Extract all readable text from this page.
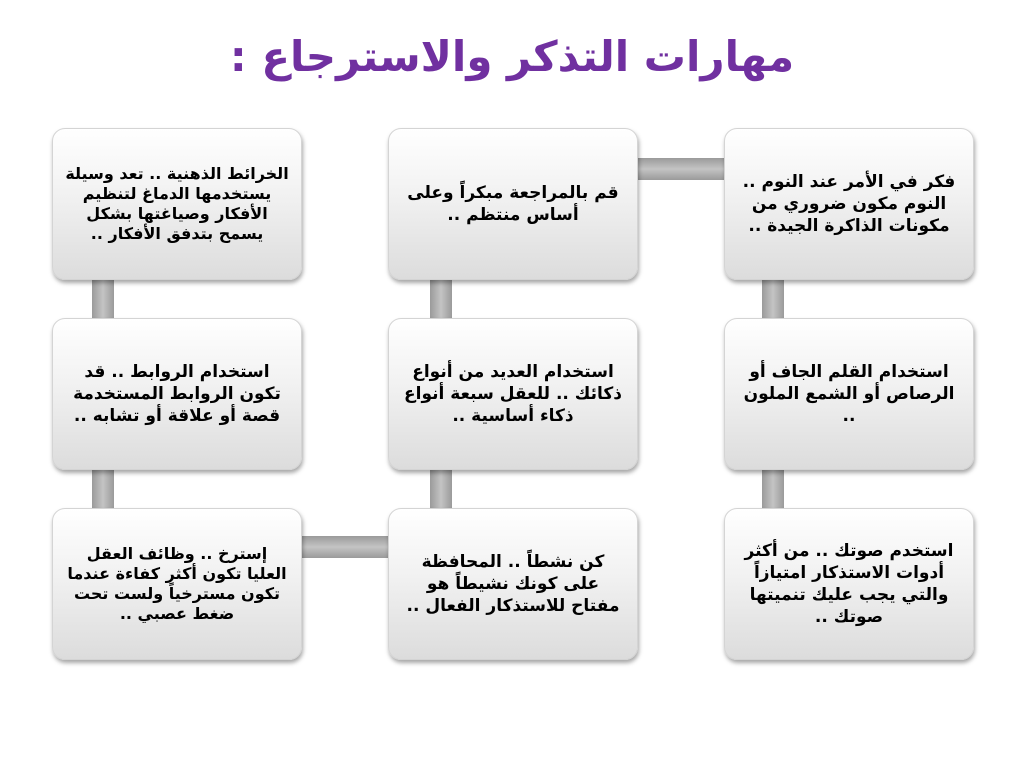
مهارات التذكر والاسترجاع :
فكر في الأمر عند النوم .. النوم مكون ضروري من مكونات الذاكرة الجيدة ..
استخدام القلم الجاف أو الرصاص أو الشمع الملون ..
استخدم صوتك .. من أكثر أدوات الاستذكار امتيازاً والتي يجب عليك تنميتها صوتك ..
قم بالمراجعة مبكراً وعلى أساس منتظم ..
استخدام العديد من أنواع ذكائك .. للعقل سبعة أنواع ذكاء أساسية ..
كن نشطاً .. المحافظة على كونك نشيطاً هو مفتاح للاستذكار الفعال ..
الخرائط الذهنية .. تعد وسيلة يستخدمها الدماغ لتنظيم الأفكار وصياغتها بشكل يسمح بتدفق الأفكار ..
استخدام الروابط .. قد تكون الروابط المستخدمة قصة أو علاقة أو تشابه ..
إسترخ .. وظائف العقل العليا تكون أكثر كفاءة عندما تكون مسترخياً ولست تحت ضغط عصبي ..
